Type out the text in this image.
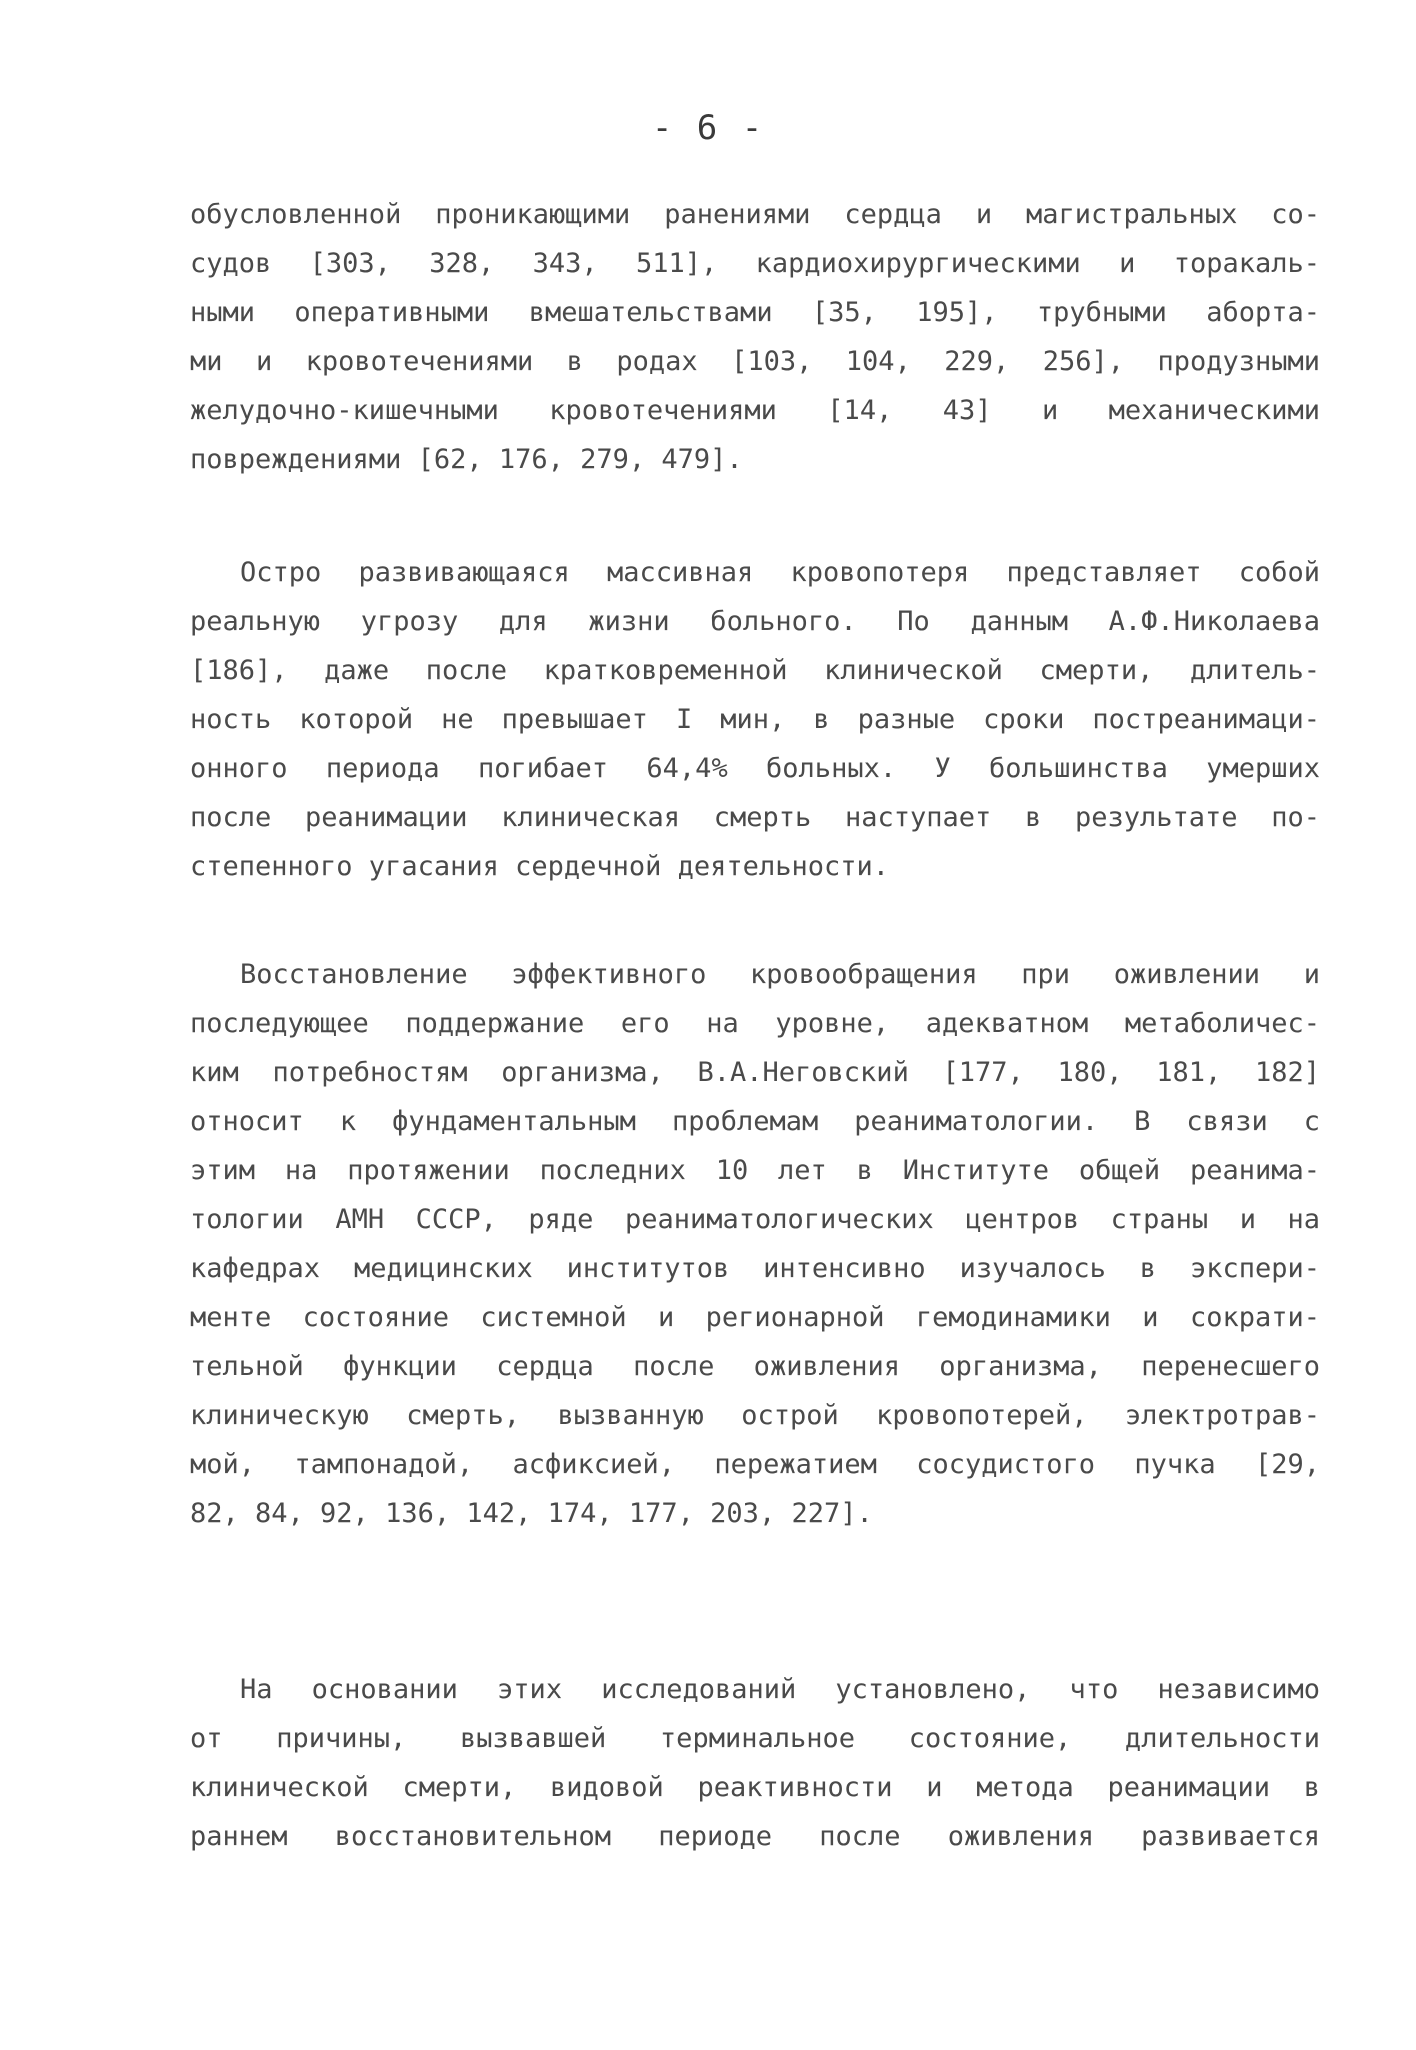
- 6 -
обусловленной проникающими ранениями сердца и магистральных со-
судов [303, 328, 343, 511], кардиохирургическими и торакаль-
ными оперативными вмешательствами [35, 195], трубными абортa-
ми и кровотечениями в родах [103, 104, 229, 256], продузными
желудочно-кишечными кровотечениями [14, 43] и механическими
повреждениями [62, 176, 279, 479].
Остро развивающаяся массивная кровопотеря представляет собой
реальную угрозу для жизни больного. По данным А.Ф.Николаева
[186], даже после кратковременной клинической смерти, длитель-
ность которой не превышает I мин, в разные сроки постреанимаци-
онного периода погибает 64,4% больных. У большинства умерших
после реанимации клиническая смерть наступает в результате по-
степенного угасания сердечной деятельности.
Восстановление эффективного кровообращения при оживлении и
последующее поддержание его на уровне, адекватном метаболичес-
ким потребностям организма, В.А.Неговский [177, 180, 181, 182]
относит к фундаментальным проблемам реаниматологии. В связи с
этим на протяжении последних 10 лет в Институте общей реанима-
тологии АМН СССР, ряде реаниматологических центров страны и на
кафедрах медицинских институтов интенсивно изучалось в экспери-
менте состояние системной и регионарной гемодинамики и сократи-
тельной функции сердца после оживления организма, перенесшего
клиническую смерть, вызванную острой кровопотерей, электротрав-
мой, тампонадой, асфиксией, пережатием сосудистого пучка [29,
82, 84, 92, 136, 142, 174, 177, 203, 227].
На основании этих исследований установлено, что независимо
от причины, вызвавшей терминальное состояние, длительности
клинической смерти, видовой реактивности и метода реанимации в
раннем восстановительном периоде после оживления развивается
